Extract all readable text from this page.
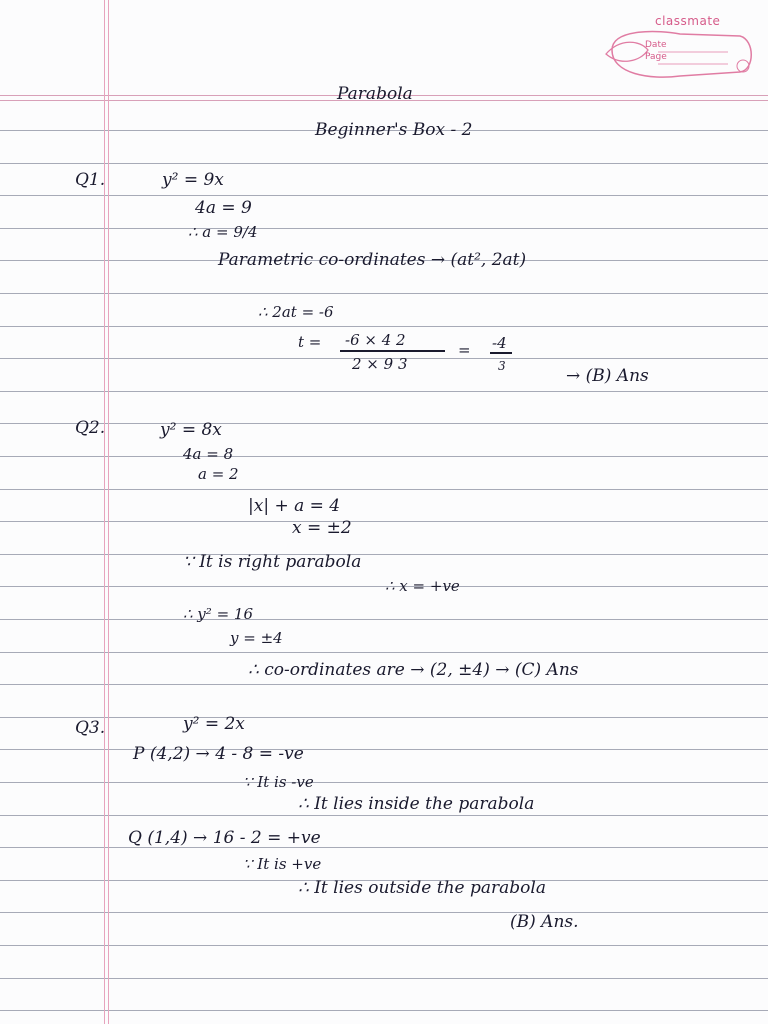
classmate
Date
Page
Parabola
Beginner's Box - 2
Q1.	y² = 9x
4a = 9
∴ a = 9/4
Parametric co-ordinates → (at², 2at)
∴ 2at = -6
t = -6 × 4 2
2 × 9 3
= -4
3	→ (B) Ans
Q2.	y² = 8x
4a = 8
a = 2
|x| + a = 4
x = ±2
∵ It is right parabola
∴ x = +ve
∴ y² = 16
y = ±4
∴ co-ordinates are → (2, ±4) → (C) Ans
Q3.	y² = 2x
P (4,2) → 4 - 8 = -ve
∵ It is -ve
∴ It lies inside the parabola
Q (1,4) → 16 - 2 = +ve
∵ It is +ve
∴ It lies outside the parabola
(B) Ans.
